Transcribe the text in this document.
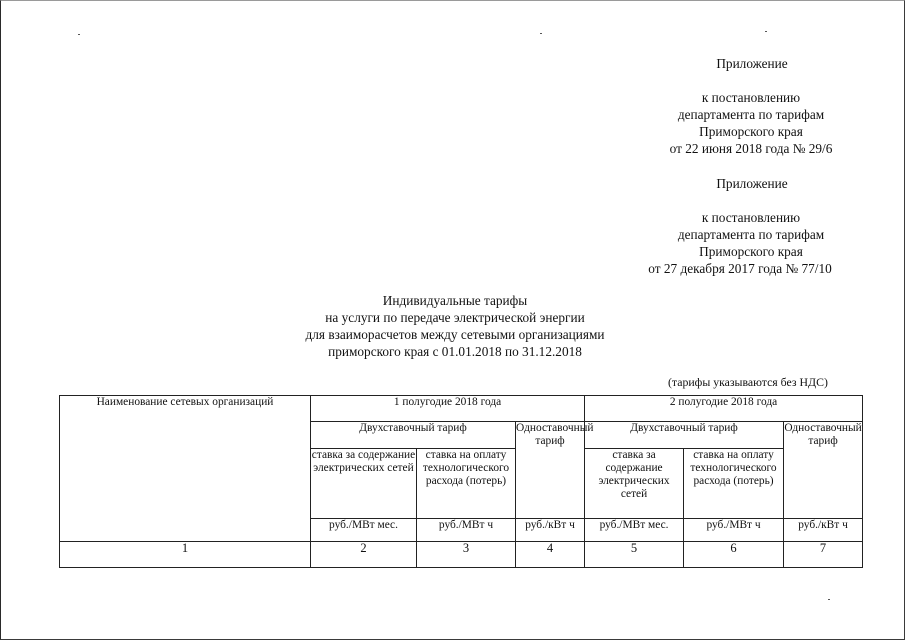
Приложение
к постановлению
департамента по тарифам
Приморского края
от 22 июня 2018 года № 29/6
Приложение
к постановлению
департамента по тарифам
Приморского края
от 27 декабря 2017 года № 77/10
Индивидуальные тарифы
на услуги по передаче электрической энергии
для взаиморасчетов между сетевыми организациями
приморского края с 01.01.2018 по 31.12.2018
(тарифы указываются без НДС)
Наименование сетевых организаций	1 полугодие 2018 года			2 полугодие 2018 года		
	Двухставочный тариф		Одноставочный тариф	Двухставочный тариф		Одноставочный тариф
	ставка за содержание электрических сетей	ставка на оплату технологического расхода (потерь)		ставка за содержание электрических сетей	ставка на оплату технологического расхода (потерь)	
	руб./МВт мес.	руб./МВт ч	руб./кВт ч	руб./МВт мес.	руб./МВт ч	руб./кВт ч
1	2	3	4	5	6	7
